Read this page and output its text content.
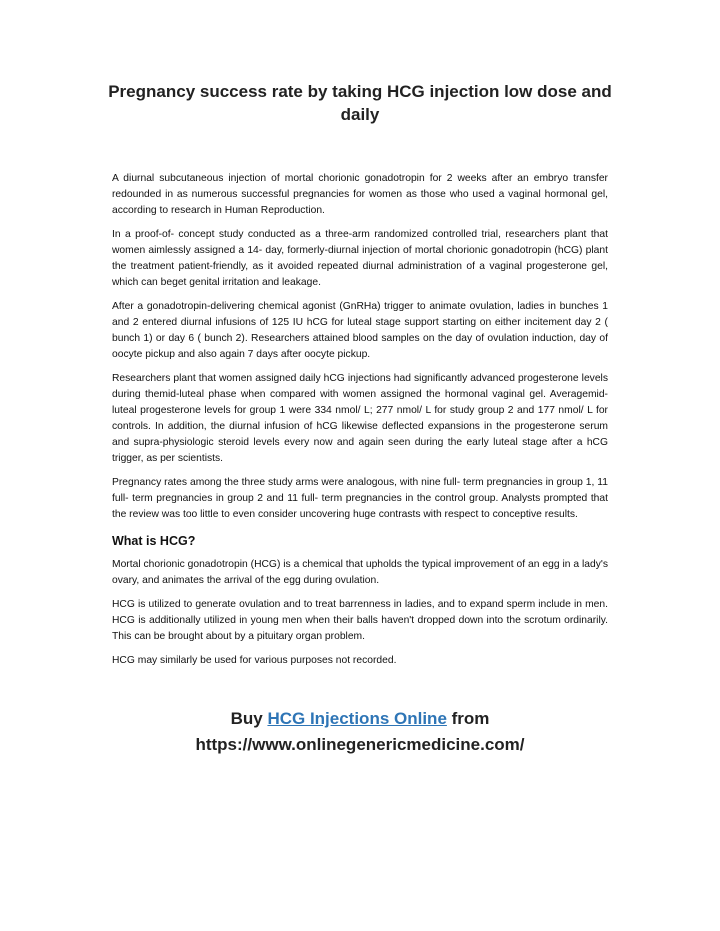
Pregnancy success rate by taking HCG injection low dose and daily

A diurnal subcutaneous injection of mortal chorionic gonadotropin for 2 weeks after an embryo transfer redounded in as numerous successful pregnancies for women as those who used a vaginal hormonal gel, according to research in Human Reproduction.

In a proof-of- concept study conducted as a three-arm randomized controlled trial, researchers plant that women aimlessly assigned a 14- day, formerly-diurnal injection of mortal chorionic gonadotropin (hCG) plant the treatment patient-friendly, as it avoided repeated diurnal administration of a vaginal progesterone gel, which can beget genital irritation and leakage.

After a gonadotropin-delivering chemical agonist (GnRHa) trigger to animate ovulation, ladies in bunches 1 and 2 entered diurnal infusions of 125 IU hCG for luteal stage support starting on either incitement day 2 ( bunch 1) or day 6 ( bunch 2). Researchers attained blood samples on the day of ovulation induction, day of oocyte pickup and also again 7 days after oocyte pickup.

Researchers plant that women assigned daily hCG injections had significantly advanced progesterone levels during themid-luteal phase when compared with women assigned the hormonal vaginal gel. Averagemid-luteal progesterone levels for group 1 were 334 nmol/ L; 277 nmol/ L for study group 2 and 177 nmol/ L for controls. In addition, the diurnal infusion of hCG likewise deflected expansions in the progesterone serum and supra-physiologic steroid levels every now and again seen during the early luteal stage after a hCG trigger, as per scientists.

Pregnancy rates among the three study arms were analogous, with nine full- term pregnancies in group 1, 11 full- term pregnancies in group 2 and 11 full- term pregnancies in the control group. Analysts prompted that the review was too little to even consider uncovering huge contrasts with respect to conceptive results.

What is HCG?

Mortal chorionic gonadotropin (HCG) is a chemical that upholds the typical improvement of an egg in a lady's ovary, and animates the arrival of the egg during ovulation.

HCG is utilized to generate ovulation and to treat barrenness in ladies, and to expand sperm include in men. HCG is additionally utilized in young men when their balls haven't dropped down into the scrotum ordinarily. This can be brought about by a pituitary organ problem.

HCG may similarly be used for various purposes not recorded.

Buy HCG Injections Online from
https://www.onlinegenericmedicine.com/
